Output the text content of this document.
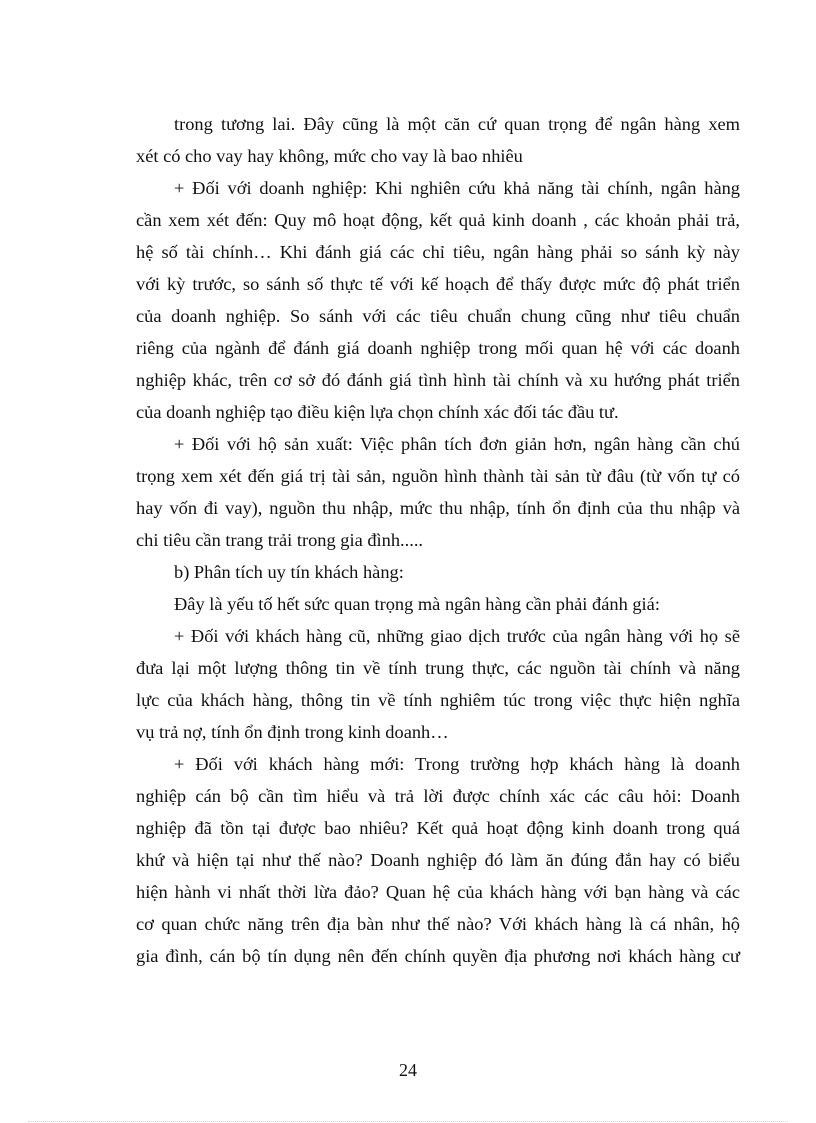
trong tương lai. Đây cũng là một căn cứ quan trọng để ngân hàng xem
xét có cho vay hay không, mức cho vay là bao nhiêu
+ Đối với doanh nghiệp: Khi nghiên cứu khả năng tài chính, ngân hàng
cần xem xét đến: Quy mô hoạt động, kết quả kinh doanh , các khoản phải trả,
hệ số tài chính… Khi đánh giá các chỉ tiêu, ngân hàng phải so sánh kỳ này
với kỳ trước, so sánh số thực tế với kế hoạch để thấy được mức độ phát triển
của doanh nghiệp. So sánh với các tiêu chuẩn chung cũng như tiêu chuẩn
riêng của ngành để đánh giá doanh nghiệp trong mối quan hệ với các doanh
nghiệp khác, trên cơ sở đó đánh giá tình hình tài chính và xu hướng phát triển
của doanh nghiệp tạo điều kiện lựa chọn chính xác đối tác đầu tư.
+ Đối với hộ sản xuất: Việc phân tích đơn giản hơn, ngân hàng cần chú
trọng xem xét đến giá trị tài sản, nguồn hình thành tài sản từ đâu (từ vốn tự có
hay vốn đi vay), nguồn thu nhập, mức thu nhập, tính ổn định của thu nhập và
chi tiêu cần trang trải trong gia đình.....
b) Phân tích uy tín khách hàng:
Đây là yếu tố hết sức quan trọng mà ngân hàng cần phải đánh giá:
+ Đối với khách hàng cũ, những giao dịch trước của ngân hàng với họ sẽ
đưa lại một lượng thông tin về tính trung thực, các nguồn tài chính và năng
lực của khách hàng, thông tin về tính nghiêm túc trong việc thực hiện nghĩa
vụ trả nợ, tính ổn định trong kinh doanh…
+ Đối với khách hàng mới: Trong trường hợp khách hàng là doanh
nghiệp cán bộ cần tìm hiểu và trả lời được chính xác các câu hỏi: Doanh
nghiệp đã tồn tại được bao nhiêu? Kết quả hoạt động kinh doanh trong quá
khứ và hiện tại như thế nào? Doanh nghiệp đó làm ăn đúng đắn hay có biểu
hiện hành vi nhất thời lừa đảo? Quan hệ của khách hàng với bạn hàng và các
cơ quan chức năng trên địa bàn như thế nào? Với khách hàng là cá nhân, hộ
gia đình, cán bộ tín dụng nên đến chính quyền địa phương nơi khách hàng cư
24
